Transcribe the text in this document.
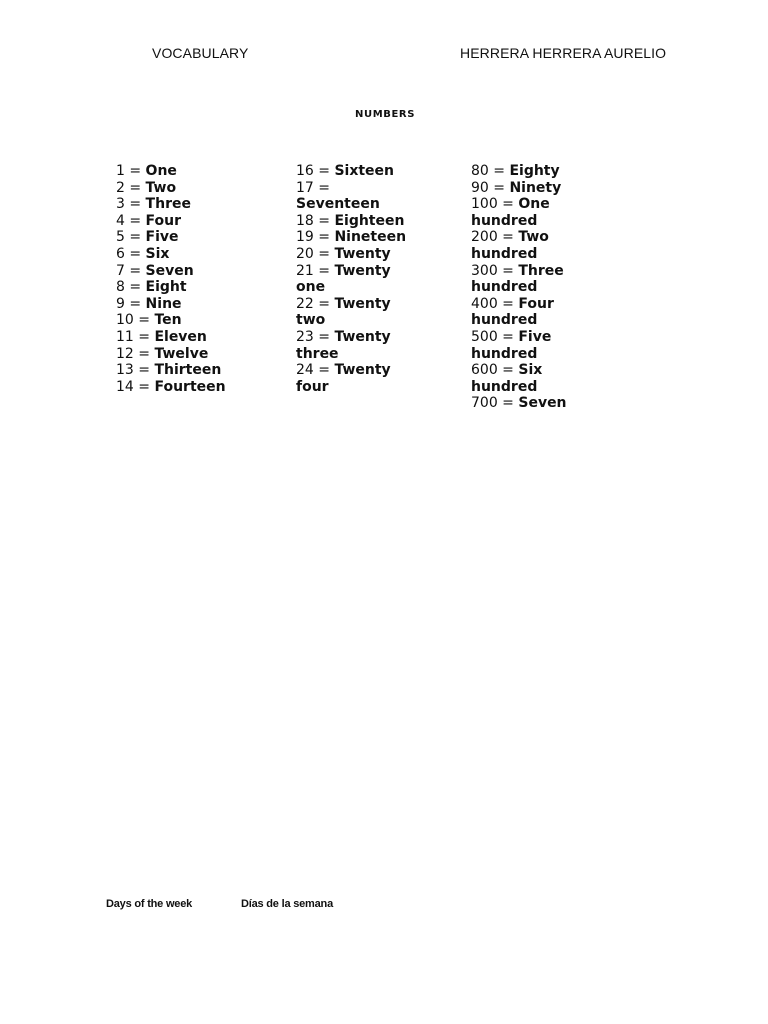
VOCABULARY	HERRERA HERRERA AURELIO
NUMBERS
1 = One
2 = Two
3 = Three
4 = Four
5 = Five
6 = Six
7 = Seven
8 = Eight
9 = Nine
10 = Ten
11 = Eleven
12 = Twelve
13 = Thirteen
14 = Fourteen
16 = Sixteen
17 = Seventeen
18 = Eighteen
19 = Nineteen
20 = Twenty
21 = Twenty one
22 = Twenty two
23 = Twenty three
24 = Twenty four
80 = Eighty
90 = Ninety
100 = One hundred
200 = Two hundred
300 = Three hundred
400 = Four hundred
500 = Five hundred
600 = Six hundred
700 = Seven
Days of the week	Días de la semana
